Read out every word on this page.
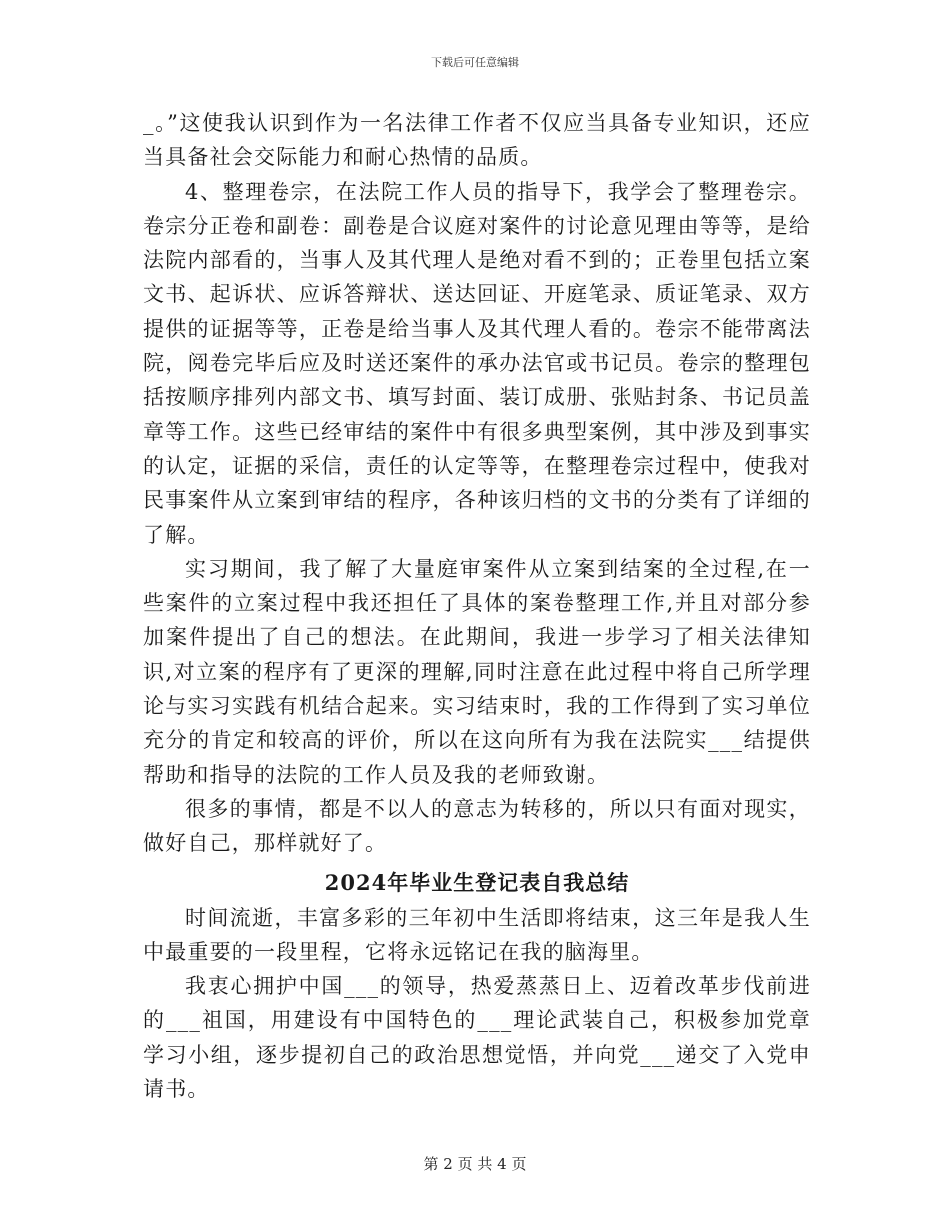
下载后可任意编辑

_。”这使我认识到作为一名法律工作者不仅应当具备专业知识，还应当具备社会交际能力和耐心热情的品质。

4、整理卷宗，在法院工作人员的指导下，我学会了整理卷宗。卷宗分正卷和副卷：副卷是合议庭对案件的讨论意见理由等等，是给法院内部看的，当事人及其代理人是绝对看不到的；正卷里包括立案文书、起诉状、应诉答辩状、送达回证、开庭笔录、质证笔录、双方提供的证据等等，正卷是给当事人及其代理人看的。卷宗不能带离法院，阅卷完毕后应及时送还案件的承办法官或书记员。卷宗的整理包括按顺序排列内部文书、填写封面、装订成册、张贴封条、书记员盖章等工作。这些已经审结的案件中有很多典型案例，其中涉及到事实的认定，证据的采信，责任的认定等等，在整理卷宗过程中，使我对民事案件从立案到审结的程序，各种该归档的文书的分类有了详细的了解。

实习期间，我了解了大量庭审案件从立案到结案的全过程,在一些案件的立案过程中我还担任了具体的案卷整理工作,并且对部分参加案件提出了自己的想法。在此期间，我进一步学习了相关法律知识,对立案的程序有了更深的理解,同时注意在此过程中将自己所学理论与实习实践有机结合起来。实习结束时，我的工作得到了实习单位充分的肯定和较高的评价，所以在这向所有为我在法院实___结提供帮助和指导的法院的工作人员及我的老师致谢。

很多的事情，都是不以人的意志为转移的，所以只有面对现实，做好自己，那样就好了。

2024年毕业生登记表自我总结

时间流逝，丰富多彩的三年初中生活即将结束，这三年是我人生中最重要的一段里程，它将永远铭记在我的脑海里。

我衷心拥护中国___的领导，热爱蒸蒸日上、迈着改革步伐前进的___祖国，用建设有中国特色的___理论武装自己，积极参加党章学习小组，逐步提初自己的政治思想觉悟，并向党___递交了入党申请书。

第 2 页 共 4 页
